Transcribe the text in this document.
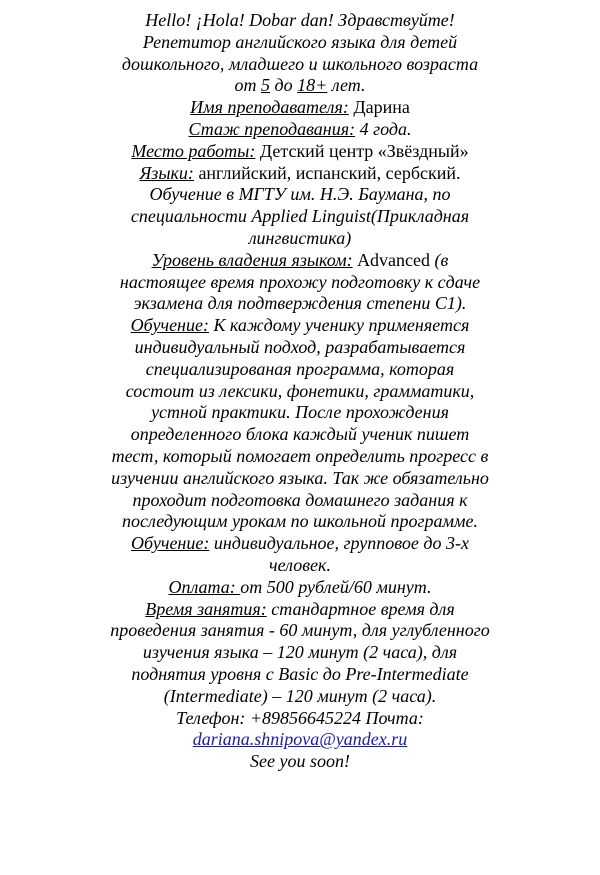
Hello! ¡Hola! Dobar dan! Здравствуйте!

Репетитор английского языка для детей дошкольного, младшего и школьного возраста от 5 до 18+ лет.

Имя преподавателя: Дарина

Стаж преподавания: 4 года.

Место работы: Детский центр «Звёздный»

Языки: английский, испанский, сербский.

Обучение в МГТУ им. Н.Э. Баумана, по специальности Applied Linguist(Прикладная лингвистика)

Уровень владения языком: Advanced (в настоящее время прохожу подготовку к сдаче экзамена для подтверждения степени C1).

Обучение: К каждому ученику применяется индивидуальный подход, разрабатывается специализированая программа, которая состоит из лексики, фонетики, грамматики, устной практики. После прохождения определенного блока каждый ученик пишет тест, который помогает определить прогресс в изучении английского языка. Так же обязательно проходит подготовка домашнего задания к последующим урокам по школьной программе.

Обучение: индивидуальное, групповое до 3-х человек.

Оплата: от 500 рублей/60 минут.

Время занятия: стандартное время для проведения занятия - 60 минут, для углубленного изучения языка – 120 минут (2 часа), для поднятия уровня с Basic до Pre-Intermediate (Intermediate) – 120 минут (2 часа).

Телефон: +89856645224 Почта:

dariana.shnipova@yandex.ru

See you soon!
